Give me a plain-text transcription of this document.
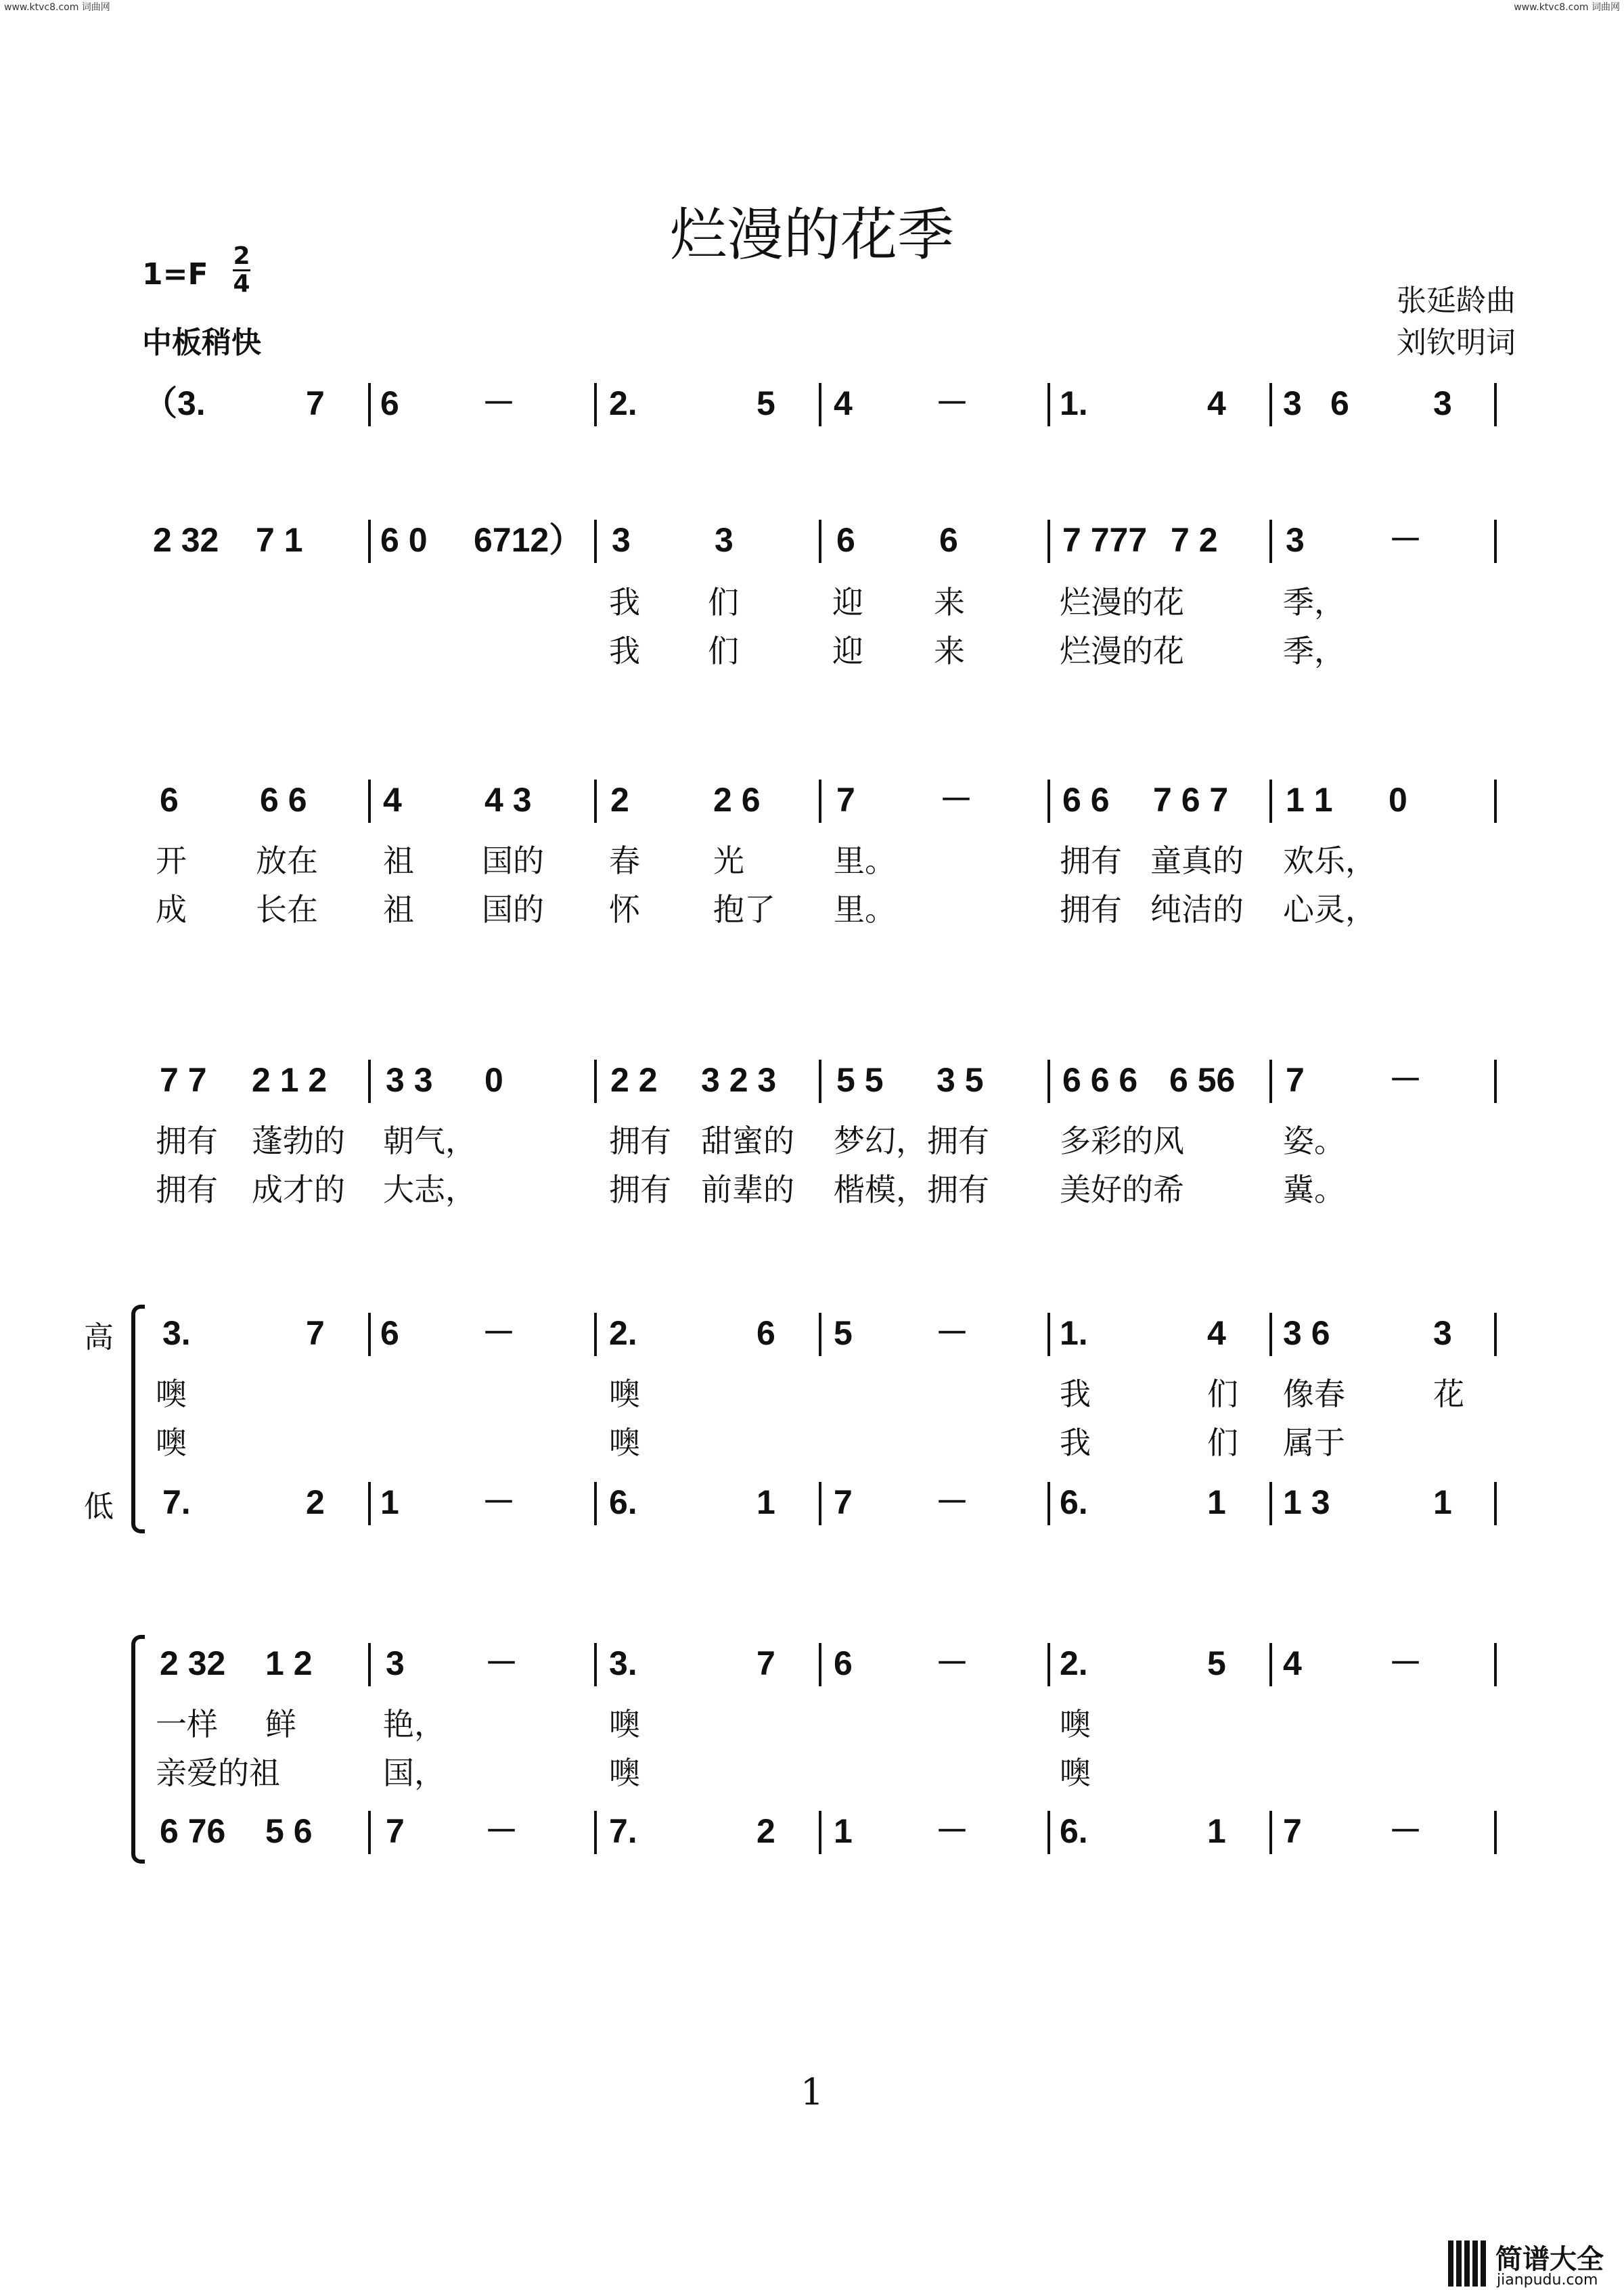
www.ktvc8.com 词曲网	www.ktvc8.com 词曲网
烂漫的花季
1=F
2
4
中板稍快
张延龄曲
刘钦明词
（3.	7 6 －	2.	5 4 －	1.	4 3 6 3
2 32 7 1 6 0 6712） 3 3	6 6	7 777 7 2 3 －
我 们	迎 来	烂漫的花	季，
我 们	迎 来	烂漫的花	季，
6 6 6 4 4 3 2 2 6 7 －	6 6 7 6 7 1 1 0
开 放在 祖 国的 春 光	里。	拥有 童真的 欢乐，
成 长在 祖 国的 怀 抱了 里。	拥有 纯洁的 心灵，
7 7 2 1 2 3 3 0	2 2 3 2 3 5 5 3 5 6 6 6 6 56 7 －
拥有 蓬勃的 朝气，	拥有 甜蜜的 梦幻，拥有 多彩的风	姿。
拥有 成才的 大志，	拥有 前辈的 楷模，拥有 美好的希	冀。
高
低
3.	7 6 －	2.	6 5 －	1.	4 3 6	3
噢	噢	我	们 像春	花
噢	噢	我	们 属于
7.	2 1 －	6.	1 7 －	6.	1 1 3	1
2 32 1 2 3 －	3.	7 6 －	2.	5 4	－
一样 鲜	艳，	噢	噢
亲爱的祖	国，	噢	噢
6 76 5 6 7 －	7.	2 1 －	6.	1 7	－
1
简谱大全
jianpudu.com
